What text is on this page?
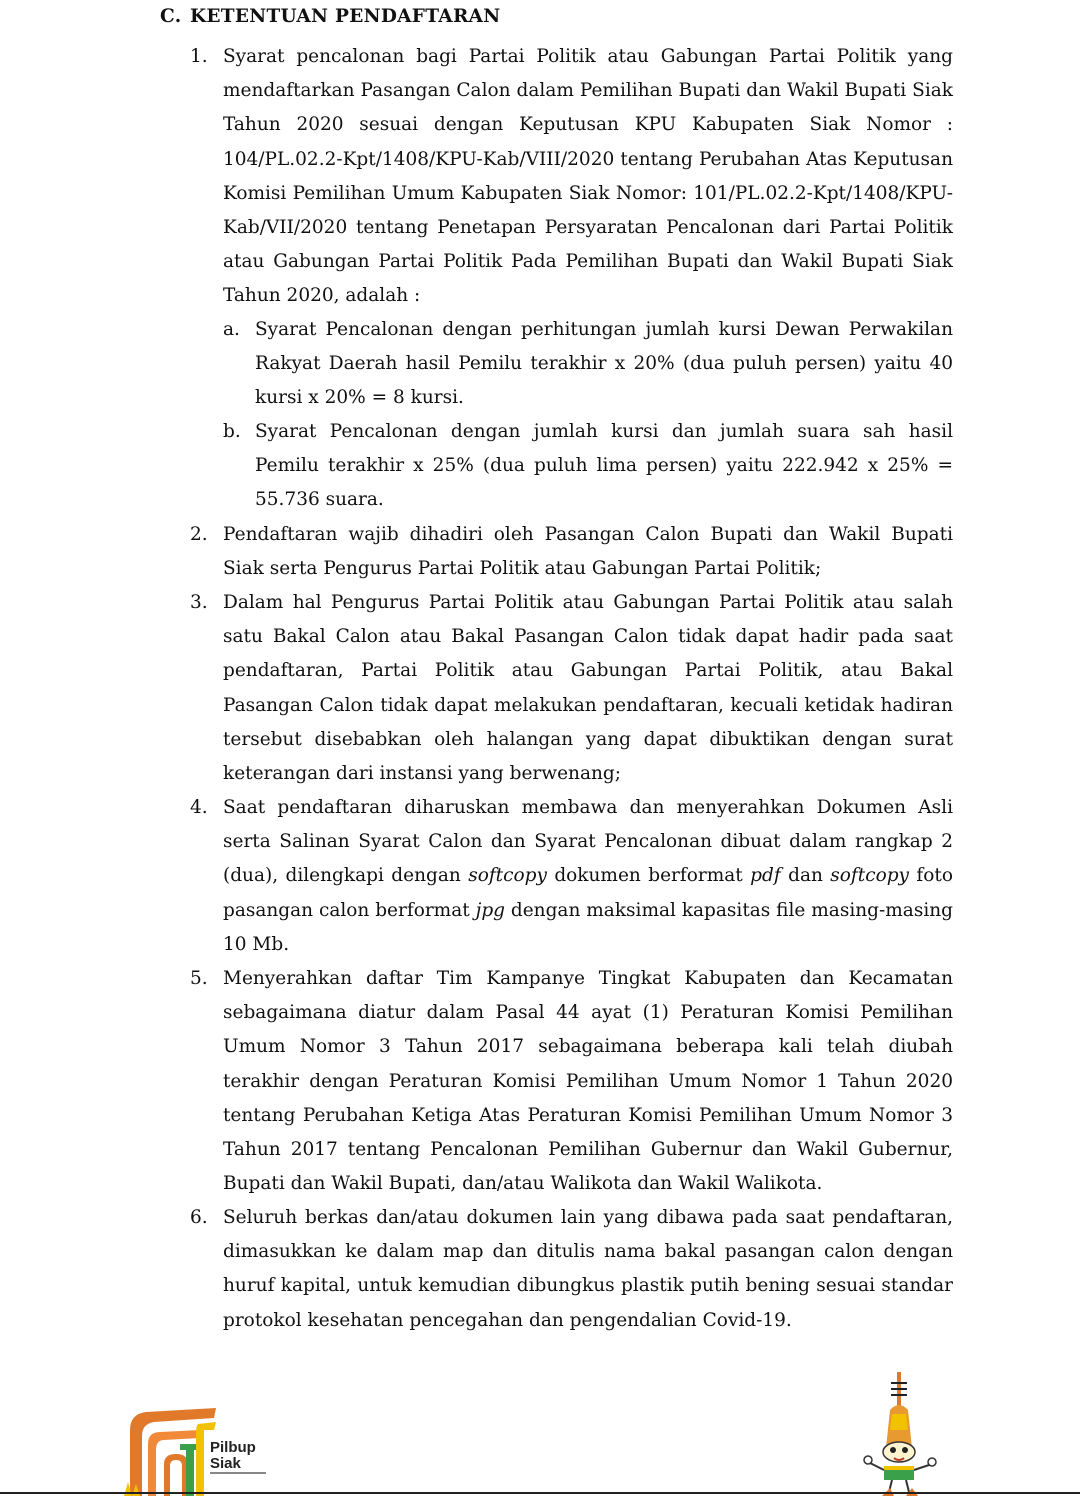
C. KETENTUAN PENDAFTARAN
1. Syarat pencalonan bagi Partai Politik atau Gabungan Partai Politik yang mendaftarkan Pasangan Calon dalam Pemilihan Bupati dan Wakil Bupati Siak Tahun 2020 sesuai dengan Keputusan KPU Kabupaten Siak Nomor : 104/PL.02.2-Kpt/1408/KPU-Kab/VIII/2020 tentang Perubahan Atas Keputusan Komisi Pemilihan Umum Kabupaten Siak Nomor: 101/PL.02.2-Kpt/1408/KPU-Kab/VII/2020 tentang Penetapan Persyaratan Pencalonan dari Partai Politik atau Gabungan Partai Politik Pada Pemilihan Bupati dan Wakil Bupati Siak Tahun 2020, adalah :
a. Syarat Pencalonan dengan perhitungan jumlah kursi Dewan Perwakilan Rakyat Daerah hasil Pemilu terakhir x 20% (dua puluh persen) yaitu 40 kursi x 20% = 8 kursi.
b. Syarat Pencalonan dengan jumlah kursi dan jumlah suara sah hasil Pemilu terakhir x 25% (dua puluh lima persen) yaitu 222.942 x 25% = 55.736 suara.
2. Pendaftaran wajib dihadiri oleh Pasangan Calon Bupati dan Wakil Bupati Siak serta Pengurus Partai Politik atau Gabungan Partai Politik;
3. Dalam hal Pengurus Partai Politik atau Gabungan Partai Politik atau salah satu Bakal Calon atau Bakal Pasangan Calon tidak dapat hadir pada saat pendaftaran, Partai Politik atau Gabungan Partai Politik, atau Bakal Pasangan Calon tidak dapat melakukan pendaftaran, kecuali ketidak hadiran tersebut disebabkan oleh halangan yang dapat dibuktikan dengan surat keterangan dari instansi yang berwenang;
4. Saat pendaftaran diharuskan membawa dan menyerahkan Dokumen Asli serta Salinan Syarat Calon dan Syarat Pencalonan dibuat dalam rangkap 2 (dua), dilengkapi dengan softcopy dokumen berformat pdf dan softcopy foto pasangan calon berformat jpg dengan maksimal kapasitas file masing-masing 10 Mb.
5. Menyerahkan daftar Tim Kampanye Tingkat Kabupaten dan Kecamatan sebagaimana diatur dalam Pasal 44 ayat (1) Peraturan Komisi Pemilihan Umum Nomor 3 Tahun 2017 sebagaimana beberapa kali telah diubah terakhir dengan Peraturan Komisi Pemilihan Umum Nomor 1 Tahun 2020 tentang Perubahan Ketiga Atas Peraturan Komisi Pemilihan Umum Nomor 3 Tahun 2017 tentang Pencalonan Pemilihan Gubernur dan Wakil Gubernur, Bupati dan Wakil Bupati, dan/atau Walikota dan Wakil Walikota.
6. Seluruh berkas dan/atau dokumen lain yang dibawa pada saat pendaftaran, dimasukkan ke dalam map dan ditulis nama bakal pasangan calon dengan huruf kapital, untuk kemudian dibungkus plastik putih bening sesuai standar protokol kesehatan pencegahan dan pengendalian Covid-19.
Pilbup
Siak
